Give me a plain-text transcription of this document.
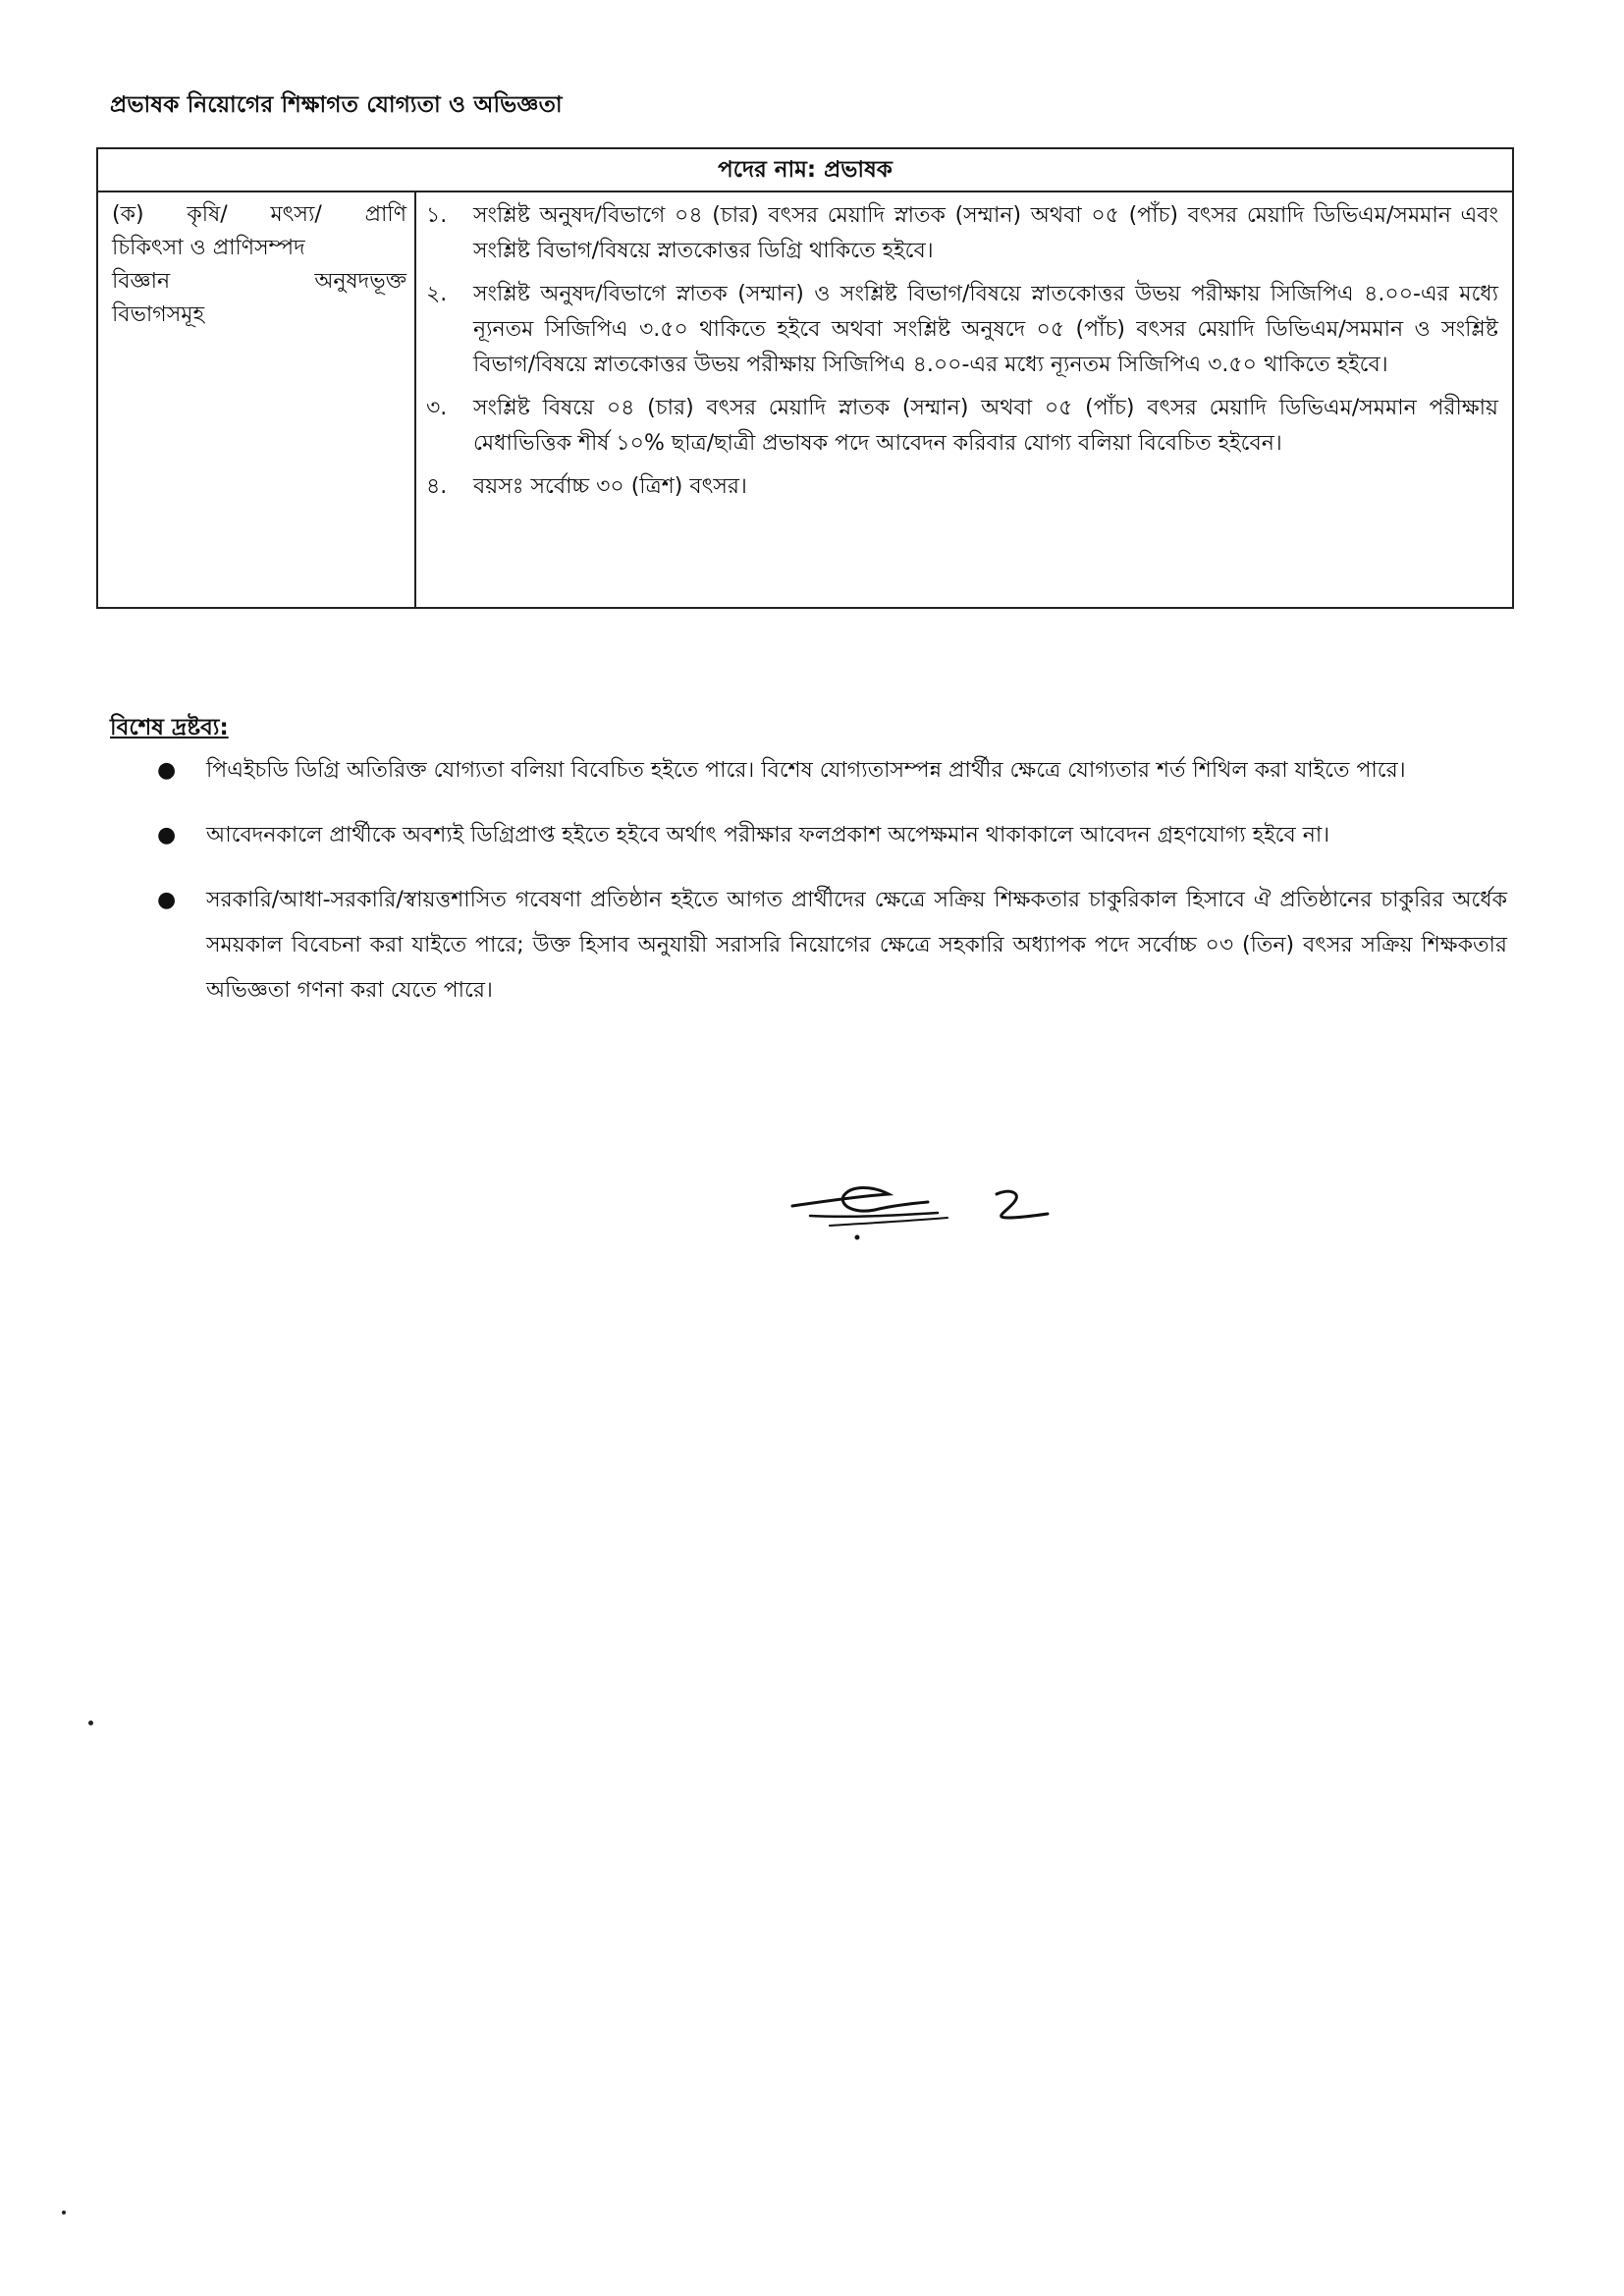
প্রভাষক নিয়োগের শিক্ষাগত যোগ্যতা ও অভিজ্ঞতা
পদের নাম: প্রভাষক
(ক) কৃষি/ মৎস্য/ প্রাণি
চিকিৎসা ও প্রাণিসম্পদ
বিজ্ঞান	অনুষদভূক্ত
বিভাগসমূহ
১.	সংশ্লিষ্ট অনুষদ/বিভাগে ০৪ (চার) বৎসর মেয়াদি স্নাতক (সম্মান) অথবা ০৫ (পাঁচ) বৎসর মেয়াদি ডিভিএম/সমমান এবং সংশ্লিষ্ট বিভাগ/বিষয়ে স্নাতকোত্তর ডিগ্রি থাকিতে হইবে।
২.	সংশ্লিষ্ট অনুষদ/বিভাগে স্নাতক (সম্মান) ও সংশ্লিষ্ট বিভাগ/বিষয়ে স্নাতকোত্তর উভয় পরীক্ষায় সিজিপিএ ৪.০০-এর মধ্যে ন্যূনতম সিজিপিএ ৩.৫০ থাকিতে হইবে অথবা সংশ্লিষ্ট অনুষদে ০৫ (পাঁচ) বৎসর মেয়াদি ডিভিএম/সমমান ও সংশ্লিষ্ট বিভাগ/বিষয়ে স্নাতকোত্তর উভয় পরীক্ষায় সিজিপিএ ৪.০০-এর মধ্যে ন্যূনতম সিজিপিএ ৩.৫০ থাকিতে হইবে।
৩.	সংশ্লিষ্ট বিষয়ে ০৪ (চার) বৎসর মেয়াদি স্নাতক (সম্মান) অথবা ০৫ (পাঁচ) বৎসর মেয়াদি ডিভিএম/সমমান পরীক্ষায় মেধাভিত্তিক শীর্ষ ১০% ছাত্র/ছাত্রী প্রভাষক পদে আবেদন করিবার যোগ্য বলিয়া বিবেচিত হইবেন।
৪.	বয়সঃ সর্বোচ্চ ৩০ (ত্রিশ) বৎসর।
বিশেষ দ্রষ্টব্য:
●	পিএইচডি ডিগ্রি অতিরিক্ত যোগ্যতা বলিয়া বিবেচিত হইতে পারে। বিশেষ যোগ্যতাসম্পন্ন প্রার্থীর ক্ষেত্রে যোগ্যতার শর্ত শিথিল করা যাইতে পারে।
●	আবেদনকালে প্রার্থীকে অবশ্যই ডিগ্রিপ্রাপ্ত হইতে হইবে অর্থাৎ পরীক্ষার ফলপ্রকাশ অপেক্ষমান থাকাকালে আবেদন গ্রহণযোগ্য হইবে না।
●	সরকারি/আধা-সরকারি/স্বায়ত্তশাসিত গবেষণা প্রতিষ্ঠান হইতে আগত প্রার্থীদের ক্ষেত্রে সক্রিয় শিক্ষকতার চাকুরিকাল হিসাবে ঐ প্রতিষ্ঠানের চাকুরির অর্ধেক সময়কাল বিবেচনা করা যাইতে পারে; উক্ত হিসাব অনুযায়ী সরাসরি নিয়োগের ক্ষেত্রে সহকারি অধ্যাপক পদে সর্বোচ্চ ০৩ (তিন) বৎসর সক্রিয় শিক্ষকতার অভিজ্ঞতা গণনা করা যেতে পারে।
